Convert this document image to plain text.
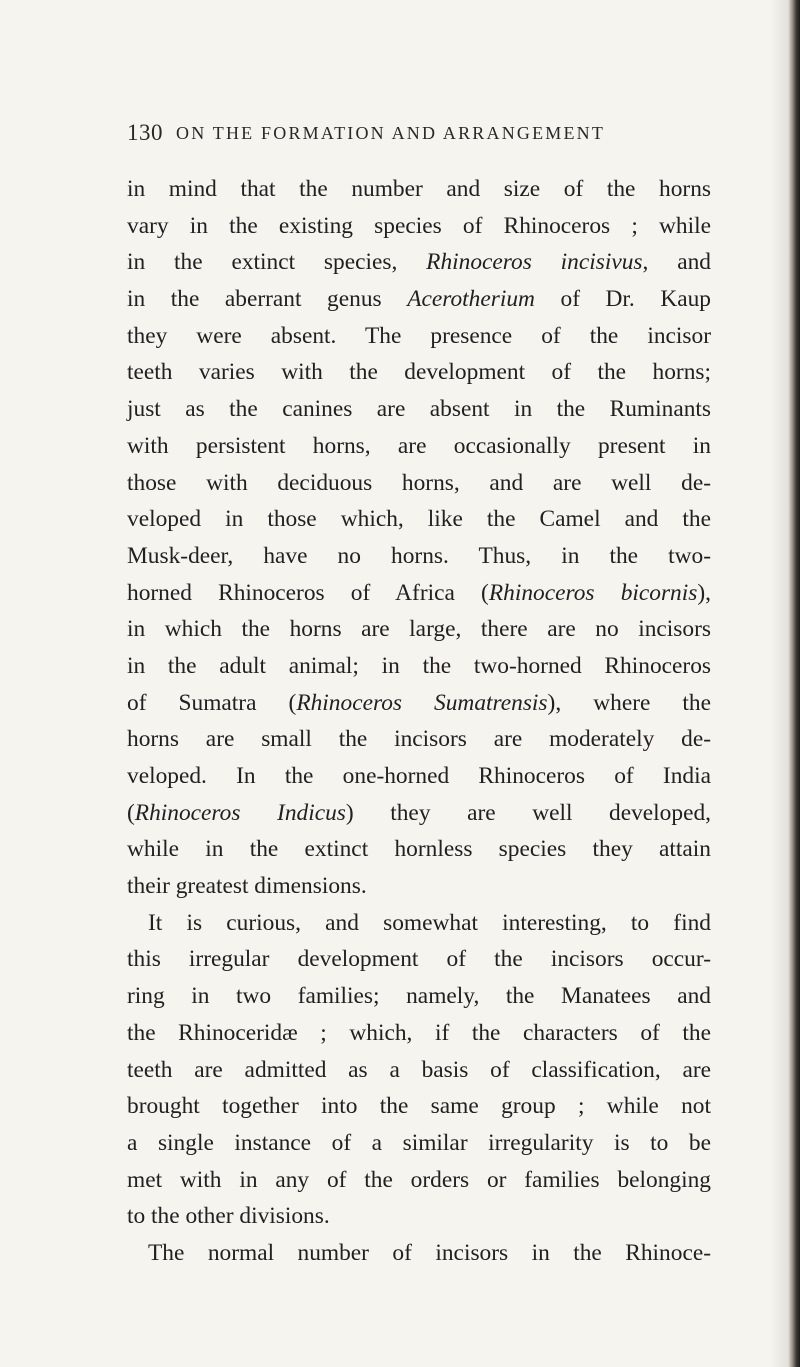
130 ON THE FORMATION AND ARRANGEMENT
in mind that the number and size of the horns
vary in the existing species of Rhinoceros ; while
in the extinct species, Rhinoceros incisivus, and
in the aberrant genus Acerotherium of Dr. Kaup
they were absent. The presence of the incisor
teeth varies with the development of the horns;
just as the canines are absent in the Ruminants
with persistent horns, are occasionally present in
those with deciduous horns, and are well de-
veloped in those which, like the Camel and the
Musk-deer, have no horns. Thus, in the two-
horned Rhinoceros of Africa (Rhinoceros bicornis),
in which the horns are large, there are no incisors
in the adult animal; in the two-horned Rhinoceros
of Sumatra (Rhinoceros Sumatrensis), where the
horns are small the incisors are moderately de-
veloped. In the one-horned Rhinoceros of India
(Rhinoceros Indicus) they are well developed,
while in the extinct hornless species they attain
their greatest dimensions.
It is curious, and somewhat interesting, to find
this irregular development of the incisors occur-
ring in two families; namely, the Manatees and
the Rhinoceridæ ; which, if the characters of the
teeth are admitted as a basis of classification, are
brought together into the same group ; while not
a single instance of a similar irregularity is to be
met with in any of the orders or families belonging
to the other divisions.
The normal number of incisors in the Rhinoce-
